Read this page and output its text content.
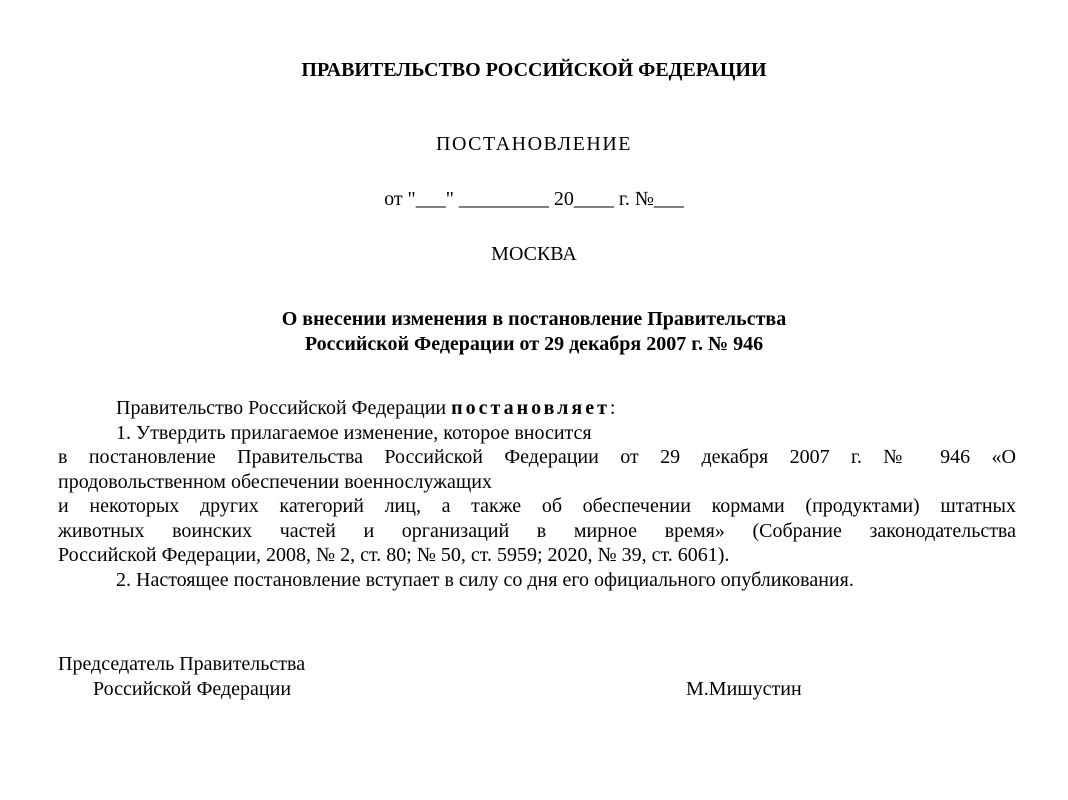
ПРАВИТЕЛЬСТВО РОССИЙСКОЙ ФЕДЕРАЦИИ
ПОСТАНОВЛЕНИЕ
от "___" _________ 20____ г. №___
МОСКВА
О внесении изменения в постановление Правительства
Российской Федерации от 29 декабря 2007 г. № 946
Правительство Российской Федерации постановляет:
1. Утвердить прилагаемое изменение, которое вносится
в постановление Правительства Российской Федерации от 29 декабря 2007 г. № 946 «О
продовольственном обеспечении военнослужащих
и некоторых других категорий лиц, а также об обеспечении кормами (продуктами) штатных
животных воинских частей и организаций в мирное время» (Собрание законодательства
Российской Федерации, 2008, № 2, ст. 80; № 50, ст. 5959; 2020, № 39, ст. 6061).
2. Настоящее постановление вступает в силу со дня его официального опубликования.
Председатель Правительства
Российской Федерации	М.Мишустин
